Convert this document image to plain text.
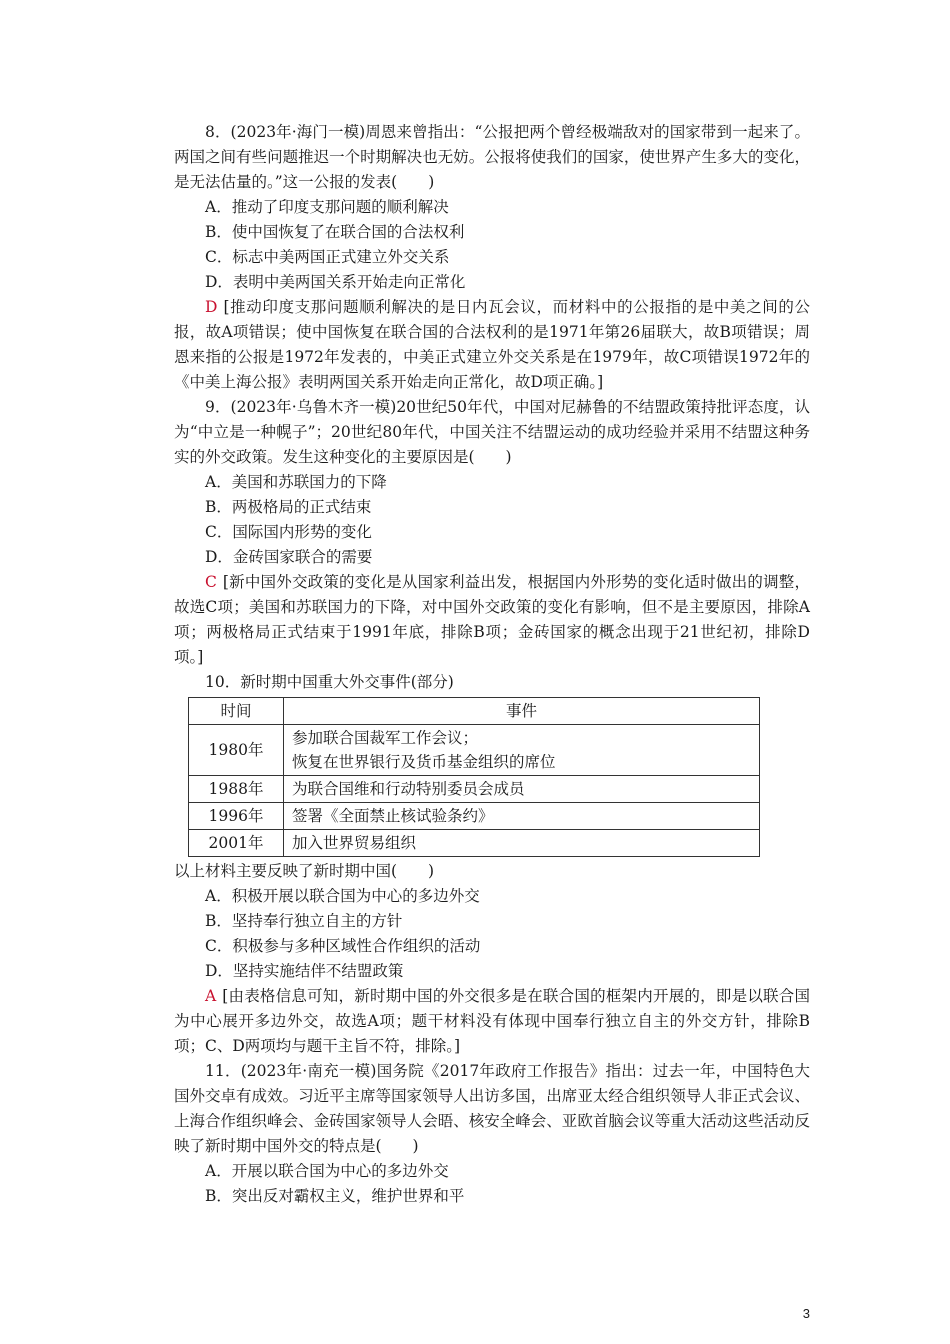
8．(2023年·海门一模)周恩来曾指出：“公报把两个曾经极端敌对的国家带到一起来了。两国之间有些问题推迟一个时期解决也无妨。公报将使我们的国家，使世界产生多大的变化，是无法估量的。”这一公报的发表(　　)

A．推动了印度支那问题的顺利解决

B．使中国恢复了在联合国的合法权利

C．标志中美两国正式建立外交关系

D．表明中美两国关系开始走向正常化

D [推动印度支那问题顺利解决的是日内瓦会议，而材料中的公报指的是中美之间的公报，故A项错误；使中国恢复在联合国的合法权利的是1971年第26届联大，故B项错误；周恩来指的公报是1972年发表的，中美正式建立外交关系是在1979年，故C项错误1972年的《中美上海公报》表明两国关系开始走向正常化，故D项正确。]

9．(2023年·乌鲁木齐一模)20世纪50年代，中国对尼赫鲁的不结盟政策持批评态度，认为“中立是一种幌子”；20世纪80年代，中国关注不结盟运动的成功经验并采用不结盟这种务实的外交政策。发生这种变化的主要原因是(　　)

A．美国和苏联国力的下降

B．两极格局的正式结束

C．国际国内形势的变化

D．金砖国家联合的需要

C [新中国外交政策的变化是从国家利益出发，根据国内外形势的变化适时做出的调整，故选C项；美国和苏联国力的下降，对中国外交政策的变化有影响，但不是主要原因，排除A项；两极格局正式结束于1991年底，排除B项；金砖国家的概念出现于21世纪初，排除D项。]

10．新时期中国重大外交事件(部分)

时间	事件
1980年	参加联合国裁军工作会议；
恢复在世界银行及货币基金组织的席位

1988年	为联合国维和行动特别委员会成员
1996年	签署《全面禁止核试验条约》
2001年	加入世界贸易组织

以上材料主要反映了新时期中国(　　)

A．积极开展以联合国为中心的多边外交

B．坚持奉行独立自主的方针

C．积极参与多种区域性合作组织的活动

D．坚持实施结伴不结盟政策

A [由表格信息可知，新时期中国的外交很多是在联合国的框架内开展的，即是以联合国为中心展开多边外交，故选A项；题干材料没有体现中国奉行独立自主的外交方针，排除B项；C、D两项均与题干主旨不符，排除。]

11．(2023年·南充一模)国务院《2017年政府工作报告》指出：过去一年，中国特色大国外交卓有成效。习近平主席等国家领导人出访多国，出席亚太经合组织领导人非正式会议、上海合作组织峰会、金砖国家领导人会晤、核安全峰会、亚欧首脑会议等重大活动这些活动反映了新时期中国外交的特点是(　　)

A．开展以联合国为中心的多边外交

B．突出反对霸权主义，维护世界和平

3
